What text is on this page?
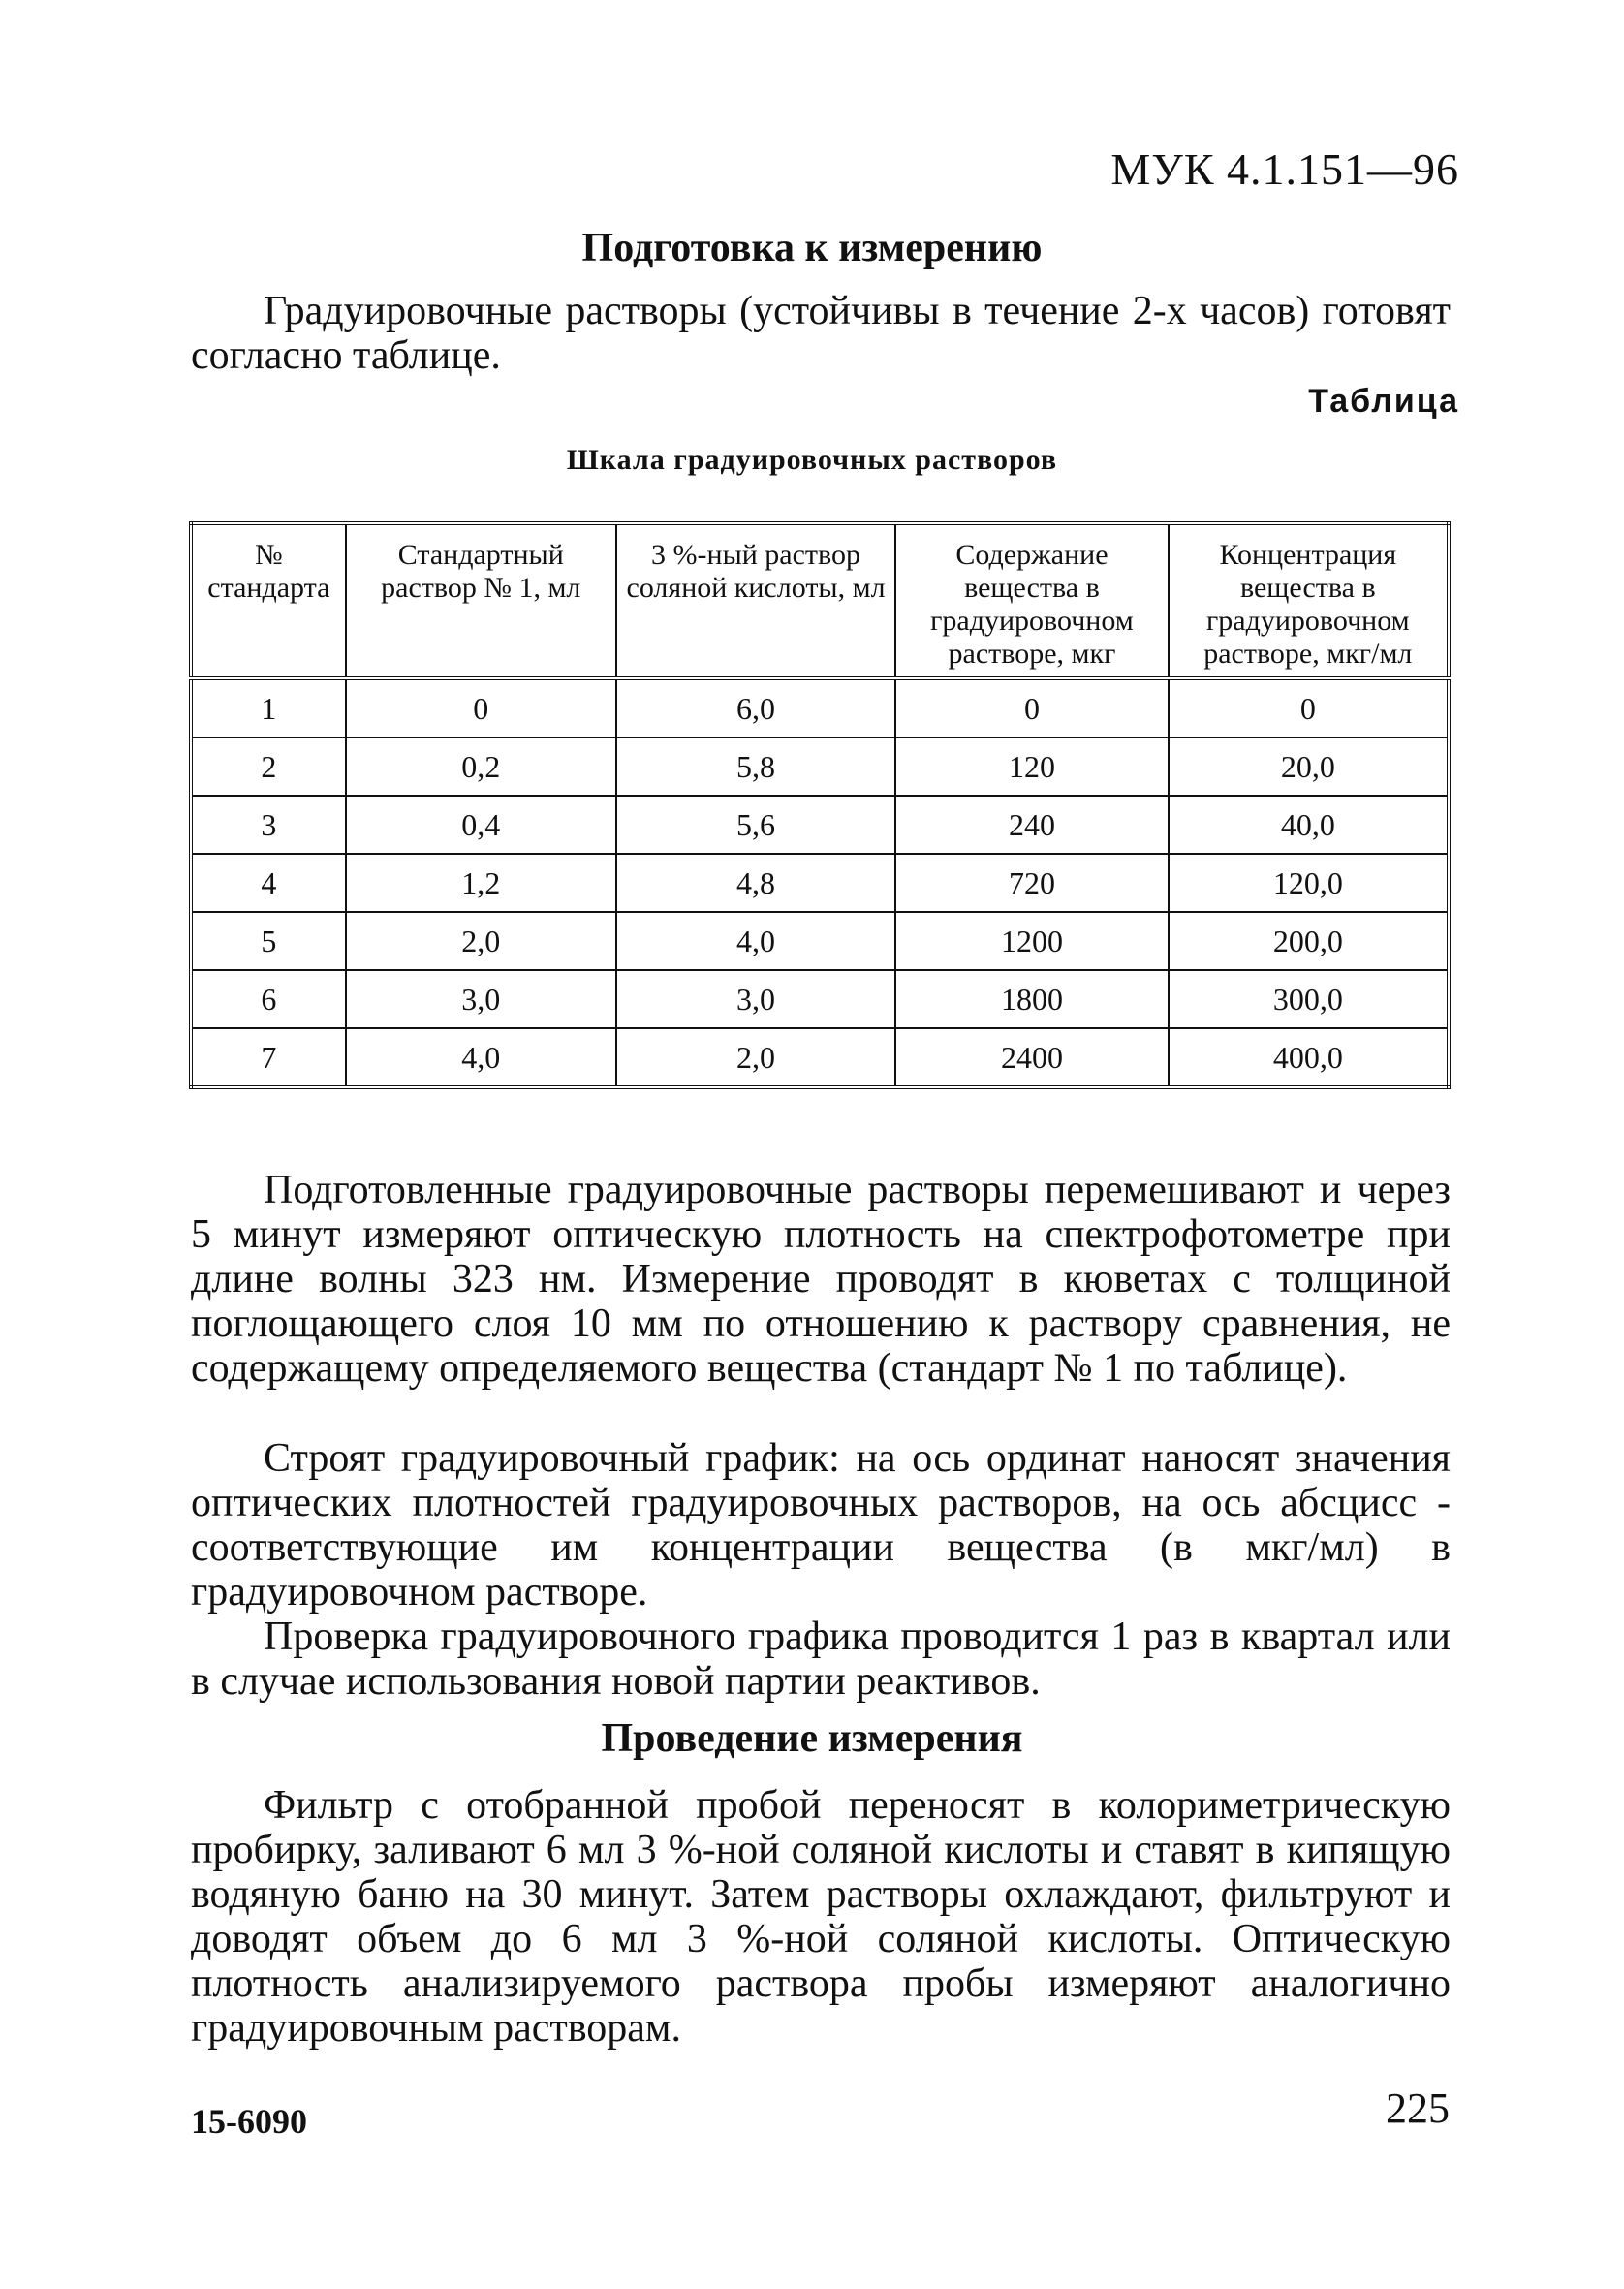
МУК 4.1.151—96
Подготовка к измерению

Градуировочные растворы (устойчивы в течение 2-х часов) готовят согласно таблице.

Таблица
Шкала градуировочных растворов
№ стандарта	Стандартный раствор № 1, мл	3 %-ный раствор соляной кислоты, мл	Содержание вещества в градуировочном растворе, мкг	Концентрация вещества в градуировочном растворе, мкг/мл
1	0	6,0	0	0
2	0,2	5,8	120	20,0
3	0,4	5,6	240	40,0
4	1,2	4,8	720	120,0
5	2,0	4,0	1200	200,0
6	3,0	3,0	1800	300,0
7	4,0	2,0	2400	400,0

Подготовленные градуировочные растворы перемешивают и через 5 минут измеряют оптическую плотность на спектрофотометре при длине волны 323 нм. Измерение проводят в кюветах с толщиной поглощающего слоя 10 мм по отношению к раствору сравнения, не содержащему определяемого вещества (стандарт № 1 по таблице).

Строят градуировочный график: на ось ординат наносят значения оптических плотностей градуировочных растворов, на ось абсцисс - соответствующие им концентрации вещества (в мкг/мл) в градуировочном растворе.

Проверка градуировочного графика проводится 1 раз в квартал или в случае использования новой партии реактивов.

Проведение измерения

Фильтр с отобранной пробой переносят в колориметрическую пробирку, заливают 6 мл 3 %-ной соляной кислоты и ставят в кипящую водяную баню на 30 минут. Затем растворы охлаждают, фильтруют и доводят объем до 6 мл 3 %-ной соляной кислоты. Оптическую плотность анализируемого раствора пробы измеряют аналогично градуировочным растворам.

15-6090	225
